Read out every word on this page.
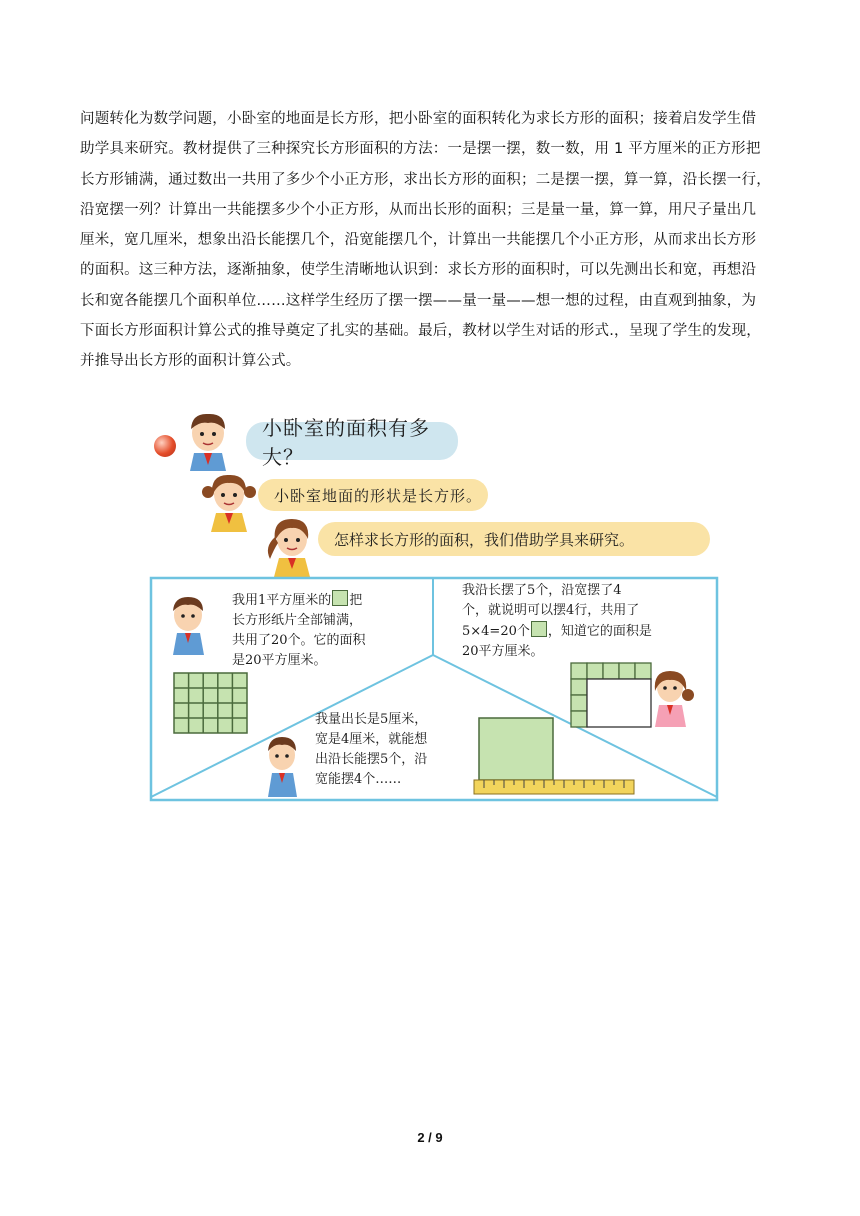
问题转化为数学问题，小卧室的地面是长方形，把小卧室的面积转化为求长方形的面积；接着启发学生借
助学具来研究。教材提供了三种探究长方形面积的方法：一是摆一摆，数一数，用 1 平方厘米的正方形把
长方形铺满，通过数出一共用了多少个小正方形，求出长方形的面积；二是摆一摆，算一算，沿长摆一行，
沿宽摆一列？计算出一共能摆多少个小正方形，从而出长形的面积；三是量一量，算一算，用尺子量出几
厘米，宽几厘米，想象出沿长能摆几个，沿宽能摆几个，计算出一共能摆几个小正方形，从而求出长方形
的面积。这三种方法，逐渐抽象，使学生清晰地认识到：求长方形的面积时，可以先测出长和宽，再想沿
长和宽各能摆几个面积单位……这样学生经历了摆一摆——量一量——想一想的过程，由直观到抽象，为
下面长方形面积计算公式的推导奠定了扎实的基础。最后，教材以学生对话的形式.，呈现了学生的发现，
并推导出长方形的面积计算公式。
小卧室的面积有多大？
小卧室地面的形状是长方形。
怎样求长方形的面积，我们借助学具来研究。
我用1平方厘米的 把
长方形纸片全部铺满，
共用了20个。它的面积
是20平方厘米。
我沿长摆了5个，沿宽摆了4
个，就说明可以摆4行，共用了
5×4=20个 ，知道它的面积是
20平方厘米。
我量出长是5厘米，
宽是4厘米，就能想
出沿长能摆5个，沿
宽能摆4个……
2 / 9
